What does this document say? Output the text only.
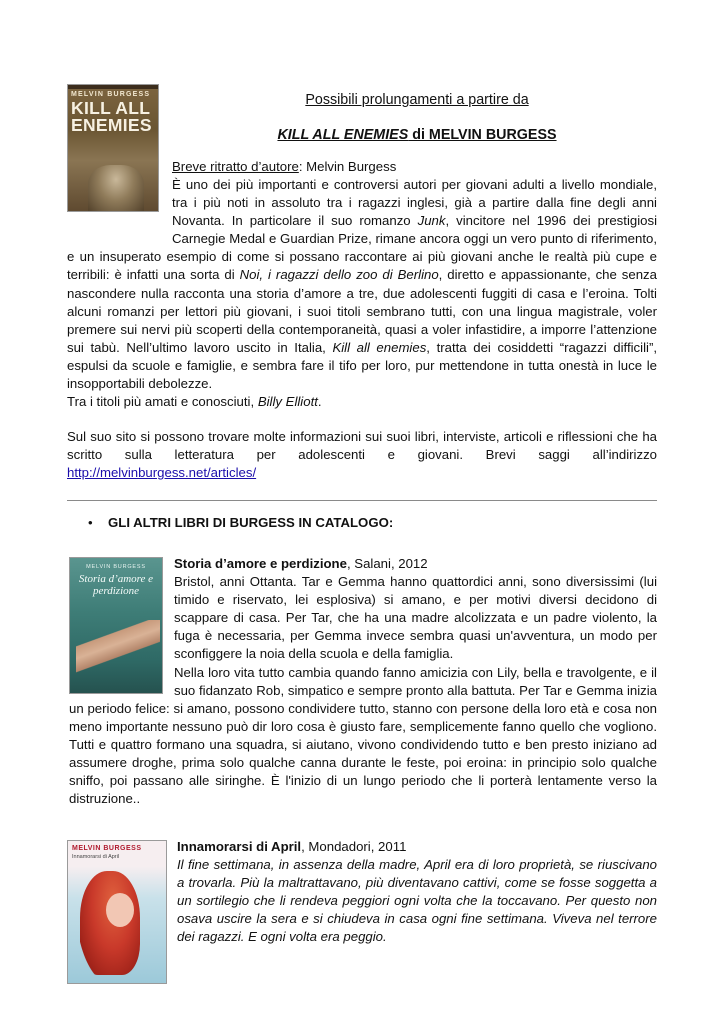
MELVIN BURGESS
KILL ALL
ENEMIES
Possibili prolungamenti a partire da
KILL ALL ENEMIES di MELVIN BURGESS
Breve ritratto d’autore: Melvin Burgess
È uno dei più importanti e controversi autori per giovani adulti a livello mondiale, tra i più noti in assoluto tra i ragazzi inglesi, già a partire dalla fine degli anni Novanta. In particolare il suo romanzo Junk, vincitore nel 1996 dei prestigiosi Carnegie Medal e Guardian Prize, rimane ancora oggi un vero punto di riferimento, e un insuperato esempio di come si possano raccontare ai più giovani anche le realtà più cupe e terribili: è infatti una sorta di Noi, i ragazzi dello zoo di Berlino, diretto e appassionante, che senza nascondere nulla racconta una storia d’amore a tre, due adolescenti fuggiti di casa e l’eroina. Tolti alcuni romanzi per lettori più giovani, i suoi titoli sembrano tutti, con una lingua magistrale, voler premere sui nervi più scoperti della contemporaneità, quasi a voler infastidire, a imporre l’attenzione sui tabù. Nell’ultimo lavoro uscito in Italia, Kill all enemies, tratta dei cosiddetti “ragazzi difficili”, espulsi da scuole e famiglie, e sembra fare il tifo per loro, pur mettendone in tutta onestà in luce le insopportabili debolezze.
Tra i titoli più amati e conosciuti, Billy Elliott.
Sul suo sito si possono trovare molte informazioni sui suoi libri, interviste, articoli e riflessioni che ha scritto sulla letteratura per adolescenti e giovani. Brevi saggi all’indirizzo http://melvinburgess.net/articles/
• GLI ALTRI LIBRI DI BURGESS IN CATALOGO:
MELVIN BURGESS
Storia d’amore e perdizione
Storia d’amore e perdizione, Salani, 2012
Bristol, anni Ottanta. Tar e Gemma hanno quattordici anni, sono diversissimi (lui timido e riservato, lei esplosiva) si amano, e per motivi diversi decidono di scappare di casa. Per Tar, che ha una madre alcolizzata e un padre violento, la fuga è necessaria, per Gemma invece sembra quasi un'avventura, un modo per sconfiggere la noia della scuola e della famiglia.
Nella loro vita tutto cambia quando fanno amicizia con Lily, bella e travolgente, e il suo fidanzato Rob, simpatico e sempre pronto alla battuta. Per Tar e Gemma inizia un periodo felice: si amano, possono condividere tutto, stanno con persone della loro età e cosa non meno importante nessuno può dir loro cosa è giusto fare, semplicemente fanno quello che vogliono. Tutti e quattro formano una squadra, si aiutano, vivono condividendo tutto e ben presto iniziano ad assumere droghe, prima solo qualche canna durante le feste, poi eroina: in principio solo qualche sniffo, poi passano alle siringhe. È l'inizio di un lungo periodo che li porterà lentamente verso la distruzione..
MELVIN BURGESS
Innamorarsi di April
Innamorarsi di April, Mondadori, 2011
Il fine settimana, in assenza della madre, April era di loro proprietà, se riuscivano a trovarla. Più la maltrattavano, più diventavano cattivi, come se fosse soggetta a un sortilegio che li rendeva peggiori ogni volta che la toccavano. Per questo non osava uscire la sera e si chiudeva in casa ogni fine settimana. Viveva nel terrore dei ragazzi. E ogni volta era peggio.
